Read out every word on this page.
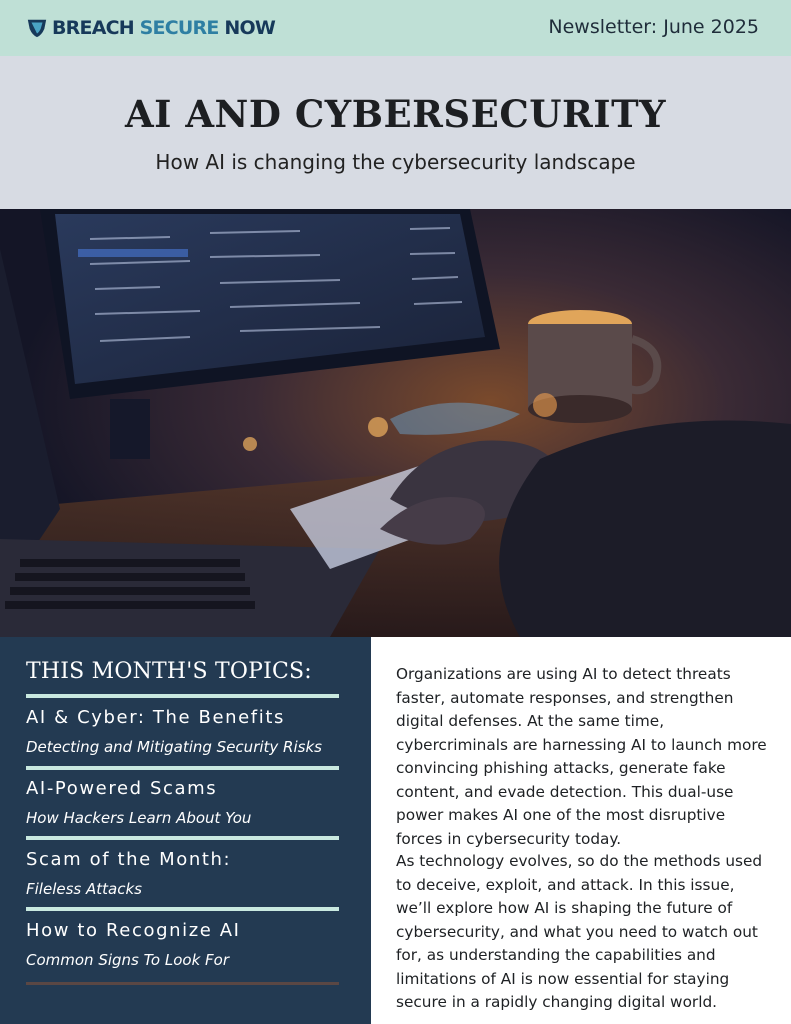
BREACH SECURE NOW	Newsletter: June 2025
AI AND CYBERSECURITY
How AI is changing the cybersecurity landscape
THIS MONTH'S TOPICS:
AI & Cyber: The Benefits
Detecting and Mitigating Security Risks
AI-Powered Scams
How Hackers Learn About You
Scam of the Month:
Fileless Attacks
How to Recognize AI
Common Signs To Look For
Organizations are using AI to detect threats faster, automate responses, and strengthen digital defenses. At the same time, cybercriminals are harnessing AI to launch more convincing phishing attacks, generate fake content, and evade detection. This dual-use power makes AI one of the most disruptive forces in cybersecurity today.
As technology evolves, so do the methods used to deceive, exploit, and attack. In this issue, we’ll explore how AI is shaping the future of cybersecurity, and what you need to watch out for, as understanding the capabilities and limitations of AI is now essential for staying secure in a rapidly changing digital world.
